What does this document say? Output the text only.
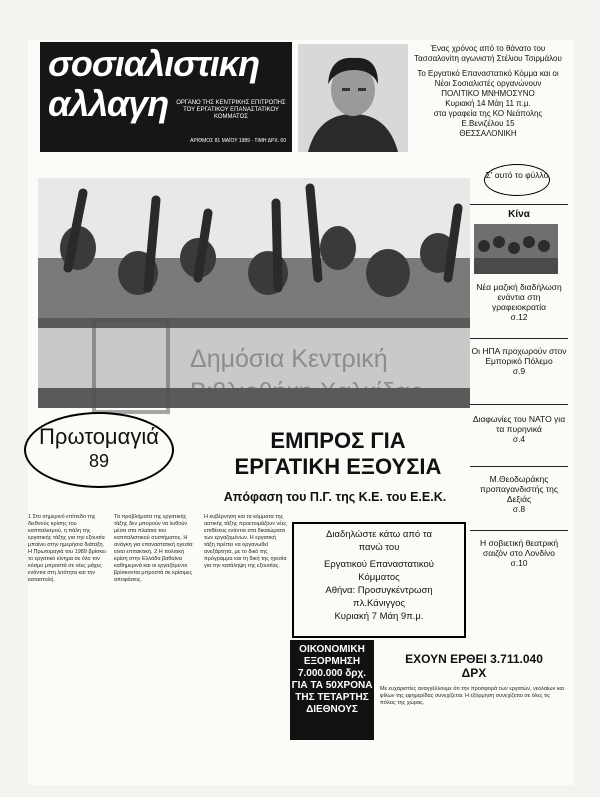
σοσιαλιστικη
αλλαγη	ΟΡΓΑΝΟ ΤΗΣ ΚΕΝΤΡΙΚΗΣ ΕΠΙΤΡΟΠΗΣ ΤΟΥ ΕΡΓΑΤΙΚΟΥ ΕΠΑΝΑΣΤΑΤΙΚΟΥ ΚΟΜΜΑΤΟΣ
ΑΡΙΘΜΟΣ 81 ΜΑΪΟΥ 1989 · ΤΙΜΗ ΔΡΧ. 60
Ένας χρόνος από το θάνατο του
Τασσαλονίτη αγωνιστή Στέλιου Τσιρμάλου
Το Εργατικό Επαναστατικό Κόμμα και οι
Νέοι Σοσιαλιστές οργανώνουν
ΠΟΛΙΤΙΚΟ ΜΝΗΜΟΣΥΝΟ
Κυριακή 14 Μάη 11 π.μ.
στα γραφεία της ΚΟ Νεάπολης
Ε.Βενιζέλου 15
ΘΕΣΣΑΛΟΝΙΚΗ
Δημόσια Κεντρική
Βιβλιοθήκη Χαλκίδας
Σ' αυτό το φύλλο
Κίνα
Νέα μαζική διαδήλωση ενάντια στη γραφειοκρατία
σ.12
Οι ΗΠΑ προχωρούν στον Εμπορικό Πόλεμο
σ.9
Διαφωνίες του ΝΑΤΟ για τα πυρηνικά
σ.4
Μ.Θεοδωράκης προπαγανδιστής της Δεξιάς
σ.8
Η σοβιετική θεατρική σαιζόν στο Λονδίνο
σ.10
Πρωτομαγιά
89
ΕΜΠΡΟΣ ΓΙΑ
ΕΡΓΑΤΙΚΗ ΕΞΟΥΣΙΑ
Απόφαση του Π.Γ. της Κ.Ε. του Ε.Ε.Κ.
1 Στο σημερινό επίπεδο της διεθνούς κρίσης του καπιταλισμού, η πάλη της εργατικής τάξης για την εξουσία μπαίνει στην ημερήσια διάταξη. Η Πρωτομαγιά του 1989 βρίσκει το εργατικό κίνημα σε όλο τον κόσμο μπροστά σε νέες μάχες ενάντια στη λιτότητα και την καταστολή.
Τα προβλήματα της εργατικής τάξης δεν μπορούν να λυθούν μέσα στα πλαίσια του καπιταλιστικού συστήματος. Η ανάγκη για επαναστατική ηγεσία είναι επιτακτική. 2 Η πολιτική κρίση στην Ελλάδα βαθαίνει καθημερινά και οι εργαζόμενοι βρίσκονται μπροστά σε κρίσιμες αποφάσεις.
Η κυβέρνηση και τα κόμματα της αστικής τάξης προετοιμάζουν νέες επιθέσεις ενάντια στα δικαιώματα των εργαζομένων. Η εργατική τάξη πρέπει να οργανωθεί ανεξάρτητα, με το δικό της πρόγραμμα και τη δική της ηγεσία για την κατάληψη της εξουσίας.
Διαδηλώστε κάτω από τα
πανώ του
Εργατικού Επαναστατικού
Κόμματος
Αθήνα: Προσυγκέντρωση
πλ.Κάνιγγος
Κυριακή 7 Μάη 9π.μ.
ΟΙΚΟΝΟΜΙΚΗ
ΕΞΟΡΜΗΣΗ
7.000.000 δρχ.
ΓΙΑ ΤΑ 50ΧΡΟΝΑ
ΤΗΣ ΤΕΤΑΡΤΗΣ
ΔΙΕΘΝΟΥΣ
ΕΧΟΥΝ ΕΡΘΕΙ 3.711.040
ΔΡΧ
Με ευχαριστίες αναγγέλλουμε ότι την προσφορά των εργατών, νεολαίων και φίλων της εφημερίδας συνεχίζεται. Η εξόρμηση συνεχίζεται σε όλες τις πόλεις της χώρας.
